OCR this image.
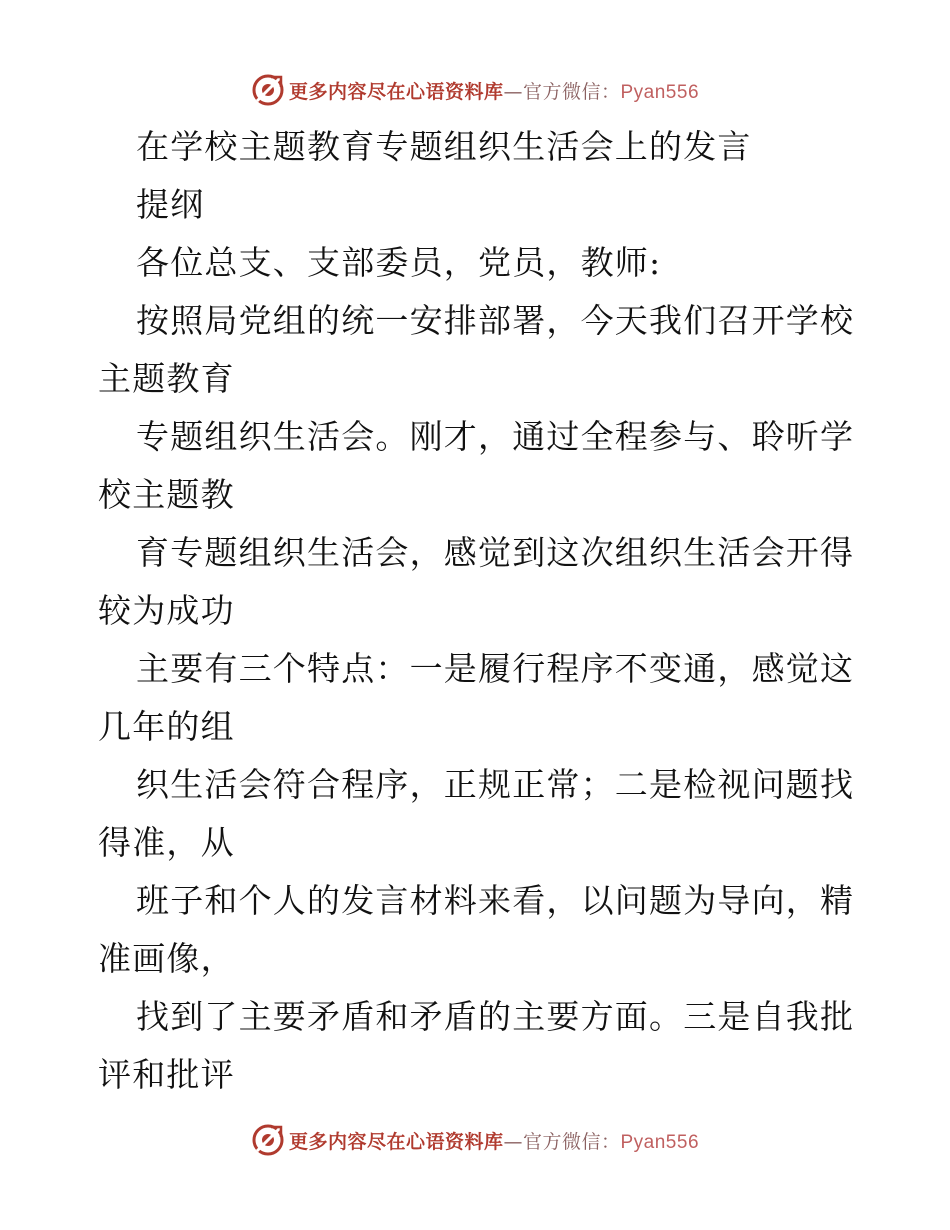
更多内容尽在心语资料库—官方微信：Pyan556
在学校主题教育专题组织生活会上的发言
提纲
各位总支、支部委员，党员，教师:
按照局党组的统一安排部署，今天我们召开学校
主题教育
专题组织生活会。刚才，通过全程参与、聆听学
校主题教
育专题组织生活会，感觉到这次组织生活会开得
较为成功
主要有三个特点：一是履行程序不变通，感觉这
几年的组
织生活会符合程序，正规正常；二是检视问题找
得准，从
班子和个人的发言材料来看，以问题为导向，精
准画像，
找到了主要矛盾和矛盾的主要方面。三是自我批
评和批评
更多内容尽在心语资料库—官方微信：Pyan556
